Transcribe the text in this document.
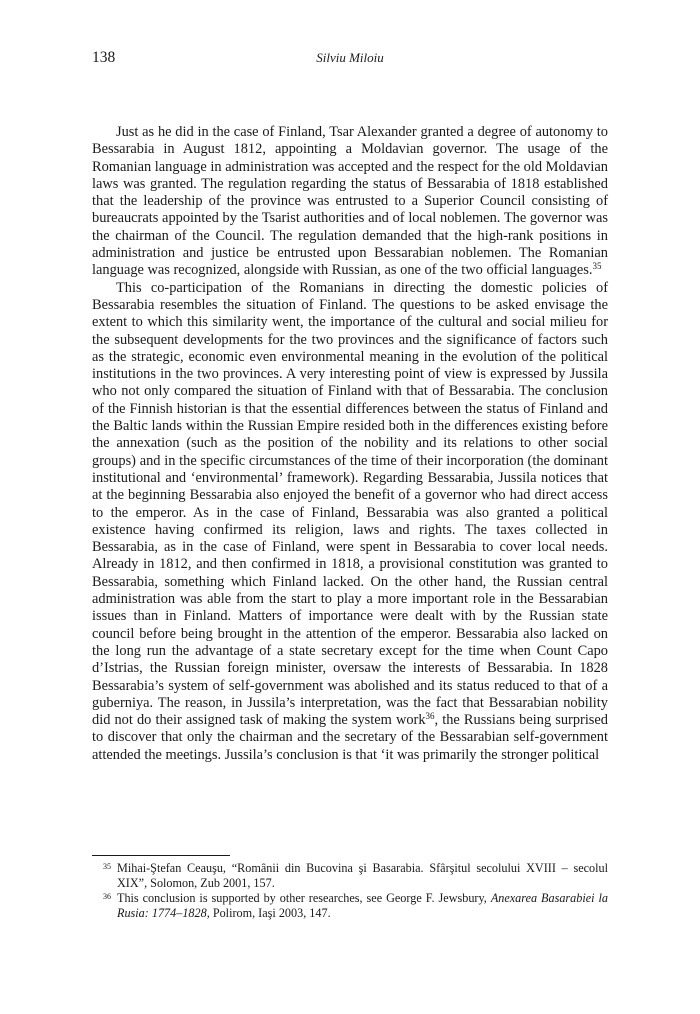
138	Silviu Miloiu

Just as he did in the case of Finland, Tsar Alexander granted a degree of autonomy to Bessarabia in August 1812, appointing a Moldavian governor. The usage of the Romanian language in administration was accepted and the respect for the old Moldavian laws was granted. The regulation regarding the status of Bessarabia of 1818 established that the leadership of the province was entrusted to a Superior Council consisting of bureaucrats appointed by the Tsarist authorities and of local noblemen. The governor was the chairman of the Council. The regulation demanded that the high-rank positions in administration and justice be entrusted upon Bessarabian noblemen. The Romanian language was recognized, alongside with Russian, as one of the two official languages.$^{35}$

This co-participation of the Romanians in directing the domestic policies of Bessarabia resembles the situation of Finland. The questions to be asked envisage the extent to which this similarity went, the importance of the cultural and social milieu for the subsequent developments for the two provinces and the significance of factors such as the strategic, economic even environmental meaning in the evolution of the political institutions in the two provinces. A very interesting point of view is expressed by Jussila who not only compared the situation of Finland with that of Bessarabia. The conclusion of the Finnish historian is that the essential differences between the status of Finland and the Baltic lands within the Russian Empire resided both in the differences existing before the annexation (such as the position of the nobility and its relations to other social groups) and in the specific circumstances of the time of their incorporation (the dominant institutional and ‘environmental’ framework). Regarding Bessarabia, Jussila notices that at the beginning Bessarabia also enjoyed the benefit of a governor who had direct access to the emperor. As in the case of Finland, Bessarabia was also granted a political existence having confirmed its religion, laws and rights. The taxes collected in Bessarabia, as in the case of Finland, were spent in Bessarabia to cover local needs. Already in 1812, and then confirmed in 1818, a provisional constitution was granted to Bessarabia, something which Finland lacked. On the other hand, the Russian central administration was able from the start to play a more important role in the Bessarabian issues than in Finland. Matters of importance were dealt with by the Russian state council before being brought in the attention of the emperor. Bessarabia also lacked on the long run the advantage of a state secretary except for the time when Count Capo d’Istrias, the Russian foreign minister, oversaw the interests of Bessarabia. In 1828 Bessarabia’s system of self-government was abolished and its status reduced to that of a guberniya. The reason, in Jussila’s interpretation, was the fact that Bessarabian nobility did not do their assigned task of making the system work$^{36}$, the Russians being surprised to discover that only the chairman and the secretary of the Bessarabian self-government attended the meetings. Jussila’s conclusion is that ‘it was primarily the stronger political

35 Mihai-Ştefan Ceauşu, “Românii din Bucovina şi Basarabia. Sfârşitul secolului XVIII – secolul XIX”, Solomon, Zub 2001, 157.
36 This conclusion is supported by other researches, see George F. Jewsbury, Anexarea Basarabiei la Rusia: 1774–1828, Polirom, Iaşi 2003, 147.
